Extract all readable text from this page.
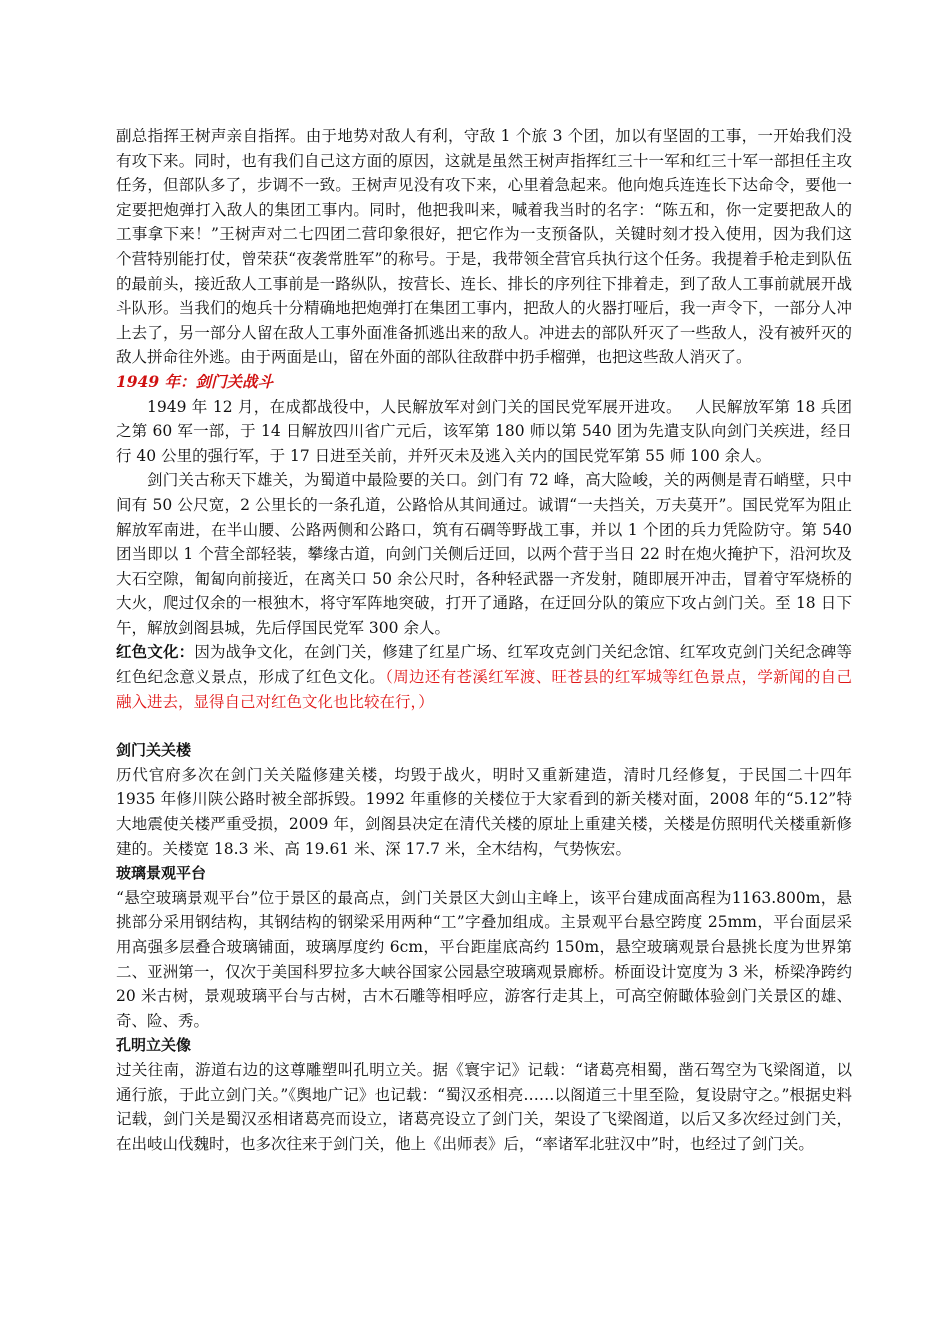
副总指挥王树声亲自指挥。由于地势对敌人有利，守敌 1 个旅 3 个团，加以有坚固的工事，一开始我们没有攻下来。同时，也有我们自己这方面的原因，这就是虽然王树声指挥红三十一军和红三十军一部担任主攻任务，但部队多了，步调不一致。王树声见没有攻下来，心里着急起来。他向炮兵连连长下达命令，要他一定要把炮弹打入敌人的集团工事内。同时，他把我叫来，喊着我当时的名字：“陈五和，你一定要把敌人的工事拿下来！”王树声对二七四团二营印象很好，把它作为一支预备队，关键时刻才投入使用，因为我们这个营特别能打仗，曾荣获“夜袭常胜军”的称号。于是，我带领全营官兵执行这个任务。我提着手枪走到队伍的最前头，接近敌人工事前是一路纵队，按营长、连长、排长的序列往下排着走，到了敌人工事前就展开战斗队形。当我们的炮兵十分精确地把炮弹打在集团工事内，把敌人的火器打哑后，我一声令下，一部分人冲上去了，另一部分人留在敌人工事外面准备抓逃出来的敌人。冲进去的部队歼灭了一些敌人，没有被歼灭的敌人拼命往外逃。由于两面是山，留在外面的部队往敌群中扔手榴弹，也把这些敌人消灭了。

1949 年：剑门关战斗

1949 年 12 月，在成都战役中，人民解放军对剑门关的国民党军展开进攻。　 人民解放军第 18 兵团之第 60 军一部，于 14 日解放四川省广元后，该军第 180 师以第 540 团为先遣支队向剑门关疾进，经日行 40 公里的强行军，于 17 日进至关前，并歼灭未及逃入关内的国民党军第 55 师 100 余人。

剑门关古称天下雄关，为蜀道中最险要的关口。剑门有 72 峰，高大险峻，关的两侧是青石峭壁，只中间有 50 公尺宽，2 公里长的一条孔道，公路恰从其间通过。诚谓“一夫挡关，万夫莫开”。国民党军为阻止解放军南进，在半山腰、公路两侧和公路口，筑有石碉等野战工事，并以 1 个团的兵力凭险防守。第 540 团当即以 1 个营全部轻装，攀缘古道，向剑门关侧后迂回，以两个营于当日 22 时在炮火掩护下，沿河坎及大石空隙，匍匐向前接近，在离关口 50 余公尺时，各种轻武器一齐发射，随即展开冲击，冒着守军烧桥的大火，爬过仅余的一根独木，将守军阵地突破，打开了通路，在迂回分队的策应下攻占剑门关。至 18 日下午，解放剑阁县城，先后俘国民党军 300 余人。

红色文化：因为战争文化，在剑门关，修建了红星广场、红军攻克剑门关纪念馆、红军攻克剑门关纪念碑等红色纪念意义景点，形成了红色文化。（周边还有苍溪红军渡、旺苍县的红军城等红色景点，学新闻的自己融入进去，显得自己对红色文化也比较在行，）

剑门关关楼

历代官府多次在剑门关关隘修建关楼，均毁于战火，明时又重新建造，清时几经修复，于民国二十四年 1935 年修川陕公路时被全部拆毁。1992 年重修的关楼位于大家看到的新关楼对面，2008 年的“5.12”特大地震使关楼严重受损，2009 年，剑阁县决定在清代关楼的原址上重建关楼，关楼是仿照明代关楼重新修建的。关楼宽 18.3 米、高 19.61 米、深 17.7 米，全木结构，气势恢宏。

玻璃景观平台

“悬空玻璃景观平台”位于景区的最高点，剑门关景区大剑山主峰上，该平台建成面高程为1163.800m，悬挑部分采用钢结构，其钢结构的钢梁采用两种“工”字叠加组成。主景观平台悬空跨度 25mm，平台面层采用高强多层叠合玻璃铺面，玻璃厚度约 6cm，平台距崖底高约 150m，悬空玻璃观景台悬挑长度为世界第二、亚洲第一，仅次于美国科罗拉多大峡谷国家公园悬空玻璃观景廊桥。桥面设计宽度为 3 米，桥梁净跨约 20 米古树，景观玻璃平台与古树，古木石雕等相呼应，游客行走其上，可高空俯瞰体验剑门关景区的雄、奇、险、秀。

孔明立关像

过关往南，游道右边的这尊雕塑叫孔明立关。据《寰宇记》记载：“诸葛亮相蜀，凿石驾空为飞梁阁道，以通行旅，于此立剑门关。”《舆地广记》也记载：“蜀汉丞相亮……以阁道三十里至险，复设尉守之。”根据史料记载，剑门关是蜀汉丞相诸葛亮而设立，诸葛亮设立了剑门关，架设了飞梁阁道，以后又多次经过剑门关，在出岐山伐魏时，也多次往来于剑门关，他上《出师表》后，“率诸军北驻汉中”时，也经过了剑门关。
